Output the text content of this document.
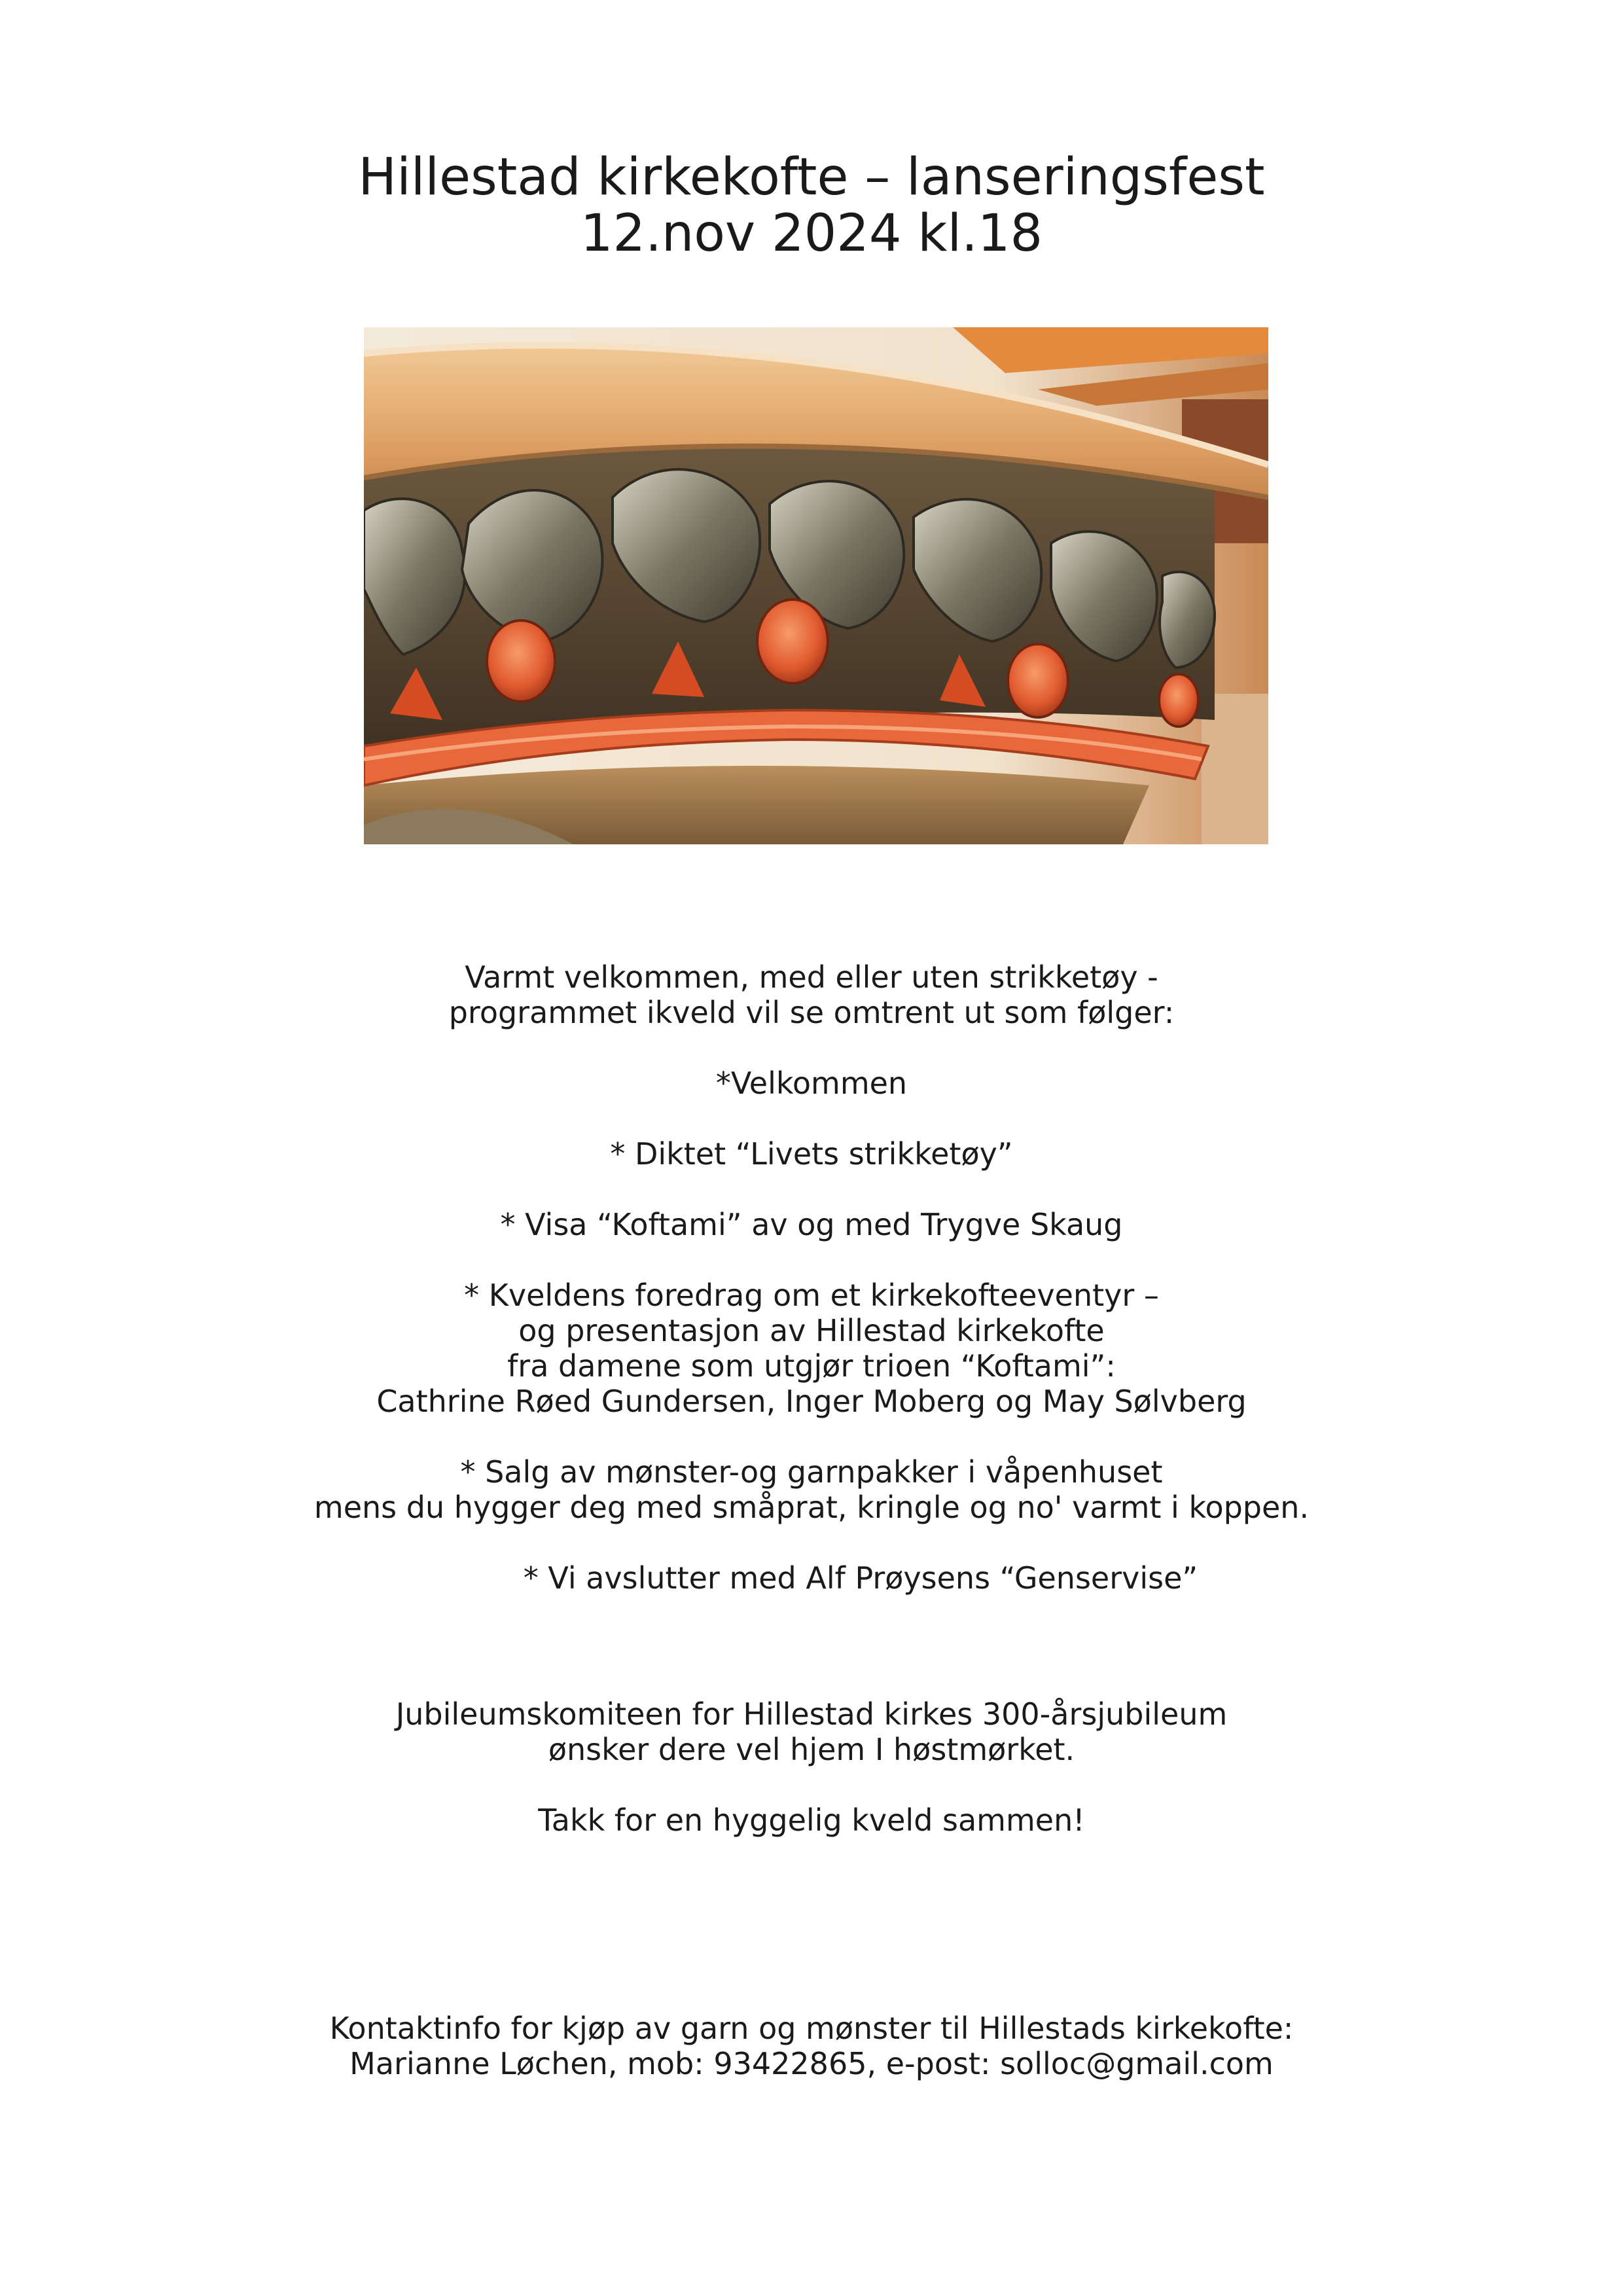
Hillestad kirkekofte – lanseringsfest
12.nov 2024 kl.18

Varmt velkommen, med eller uten strikketøy -

programmet ikveld vil se omtrent ut som følger:

*Velkommen

* Diktet “Livets strikketøy”

* Visa “Koftami” av og med Trygve Skaug

* Kveldens foredrag om et kirkekofteeventyr –

og presentasjon av Hillestad kirkekofte

fra damene som utgjør trioen “Koftami”:

Cathrine Røed Gundersen, Inger Moberg og May Sølvberg

* Salg av mønster-og garnpakker i våpenhuset

mens du hygger deg med småprat, kringle og no' varmt i koppen.

* Vi avslutter med Alf Prøysens “Genservise”

Jubileumskomiteen for Hillestad kirkes 300-årsjubileum

ønsker dere vel hjem I høstmørket.

Takk for en hyggelig kveld sammen!

Kontaktinfo for kjøp av garn og mønster til Hillestads kirkekofte:

Marianne Løchen, mob: 93422865, e-post: solloc@gmail.com
